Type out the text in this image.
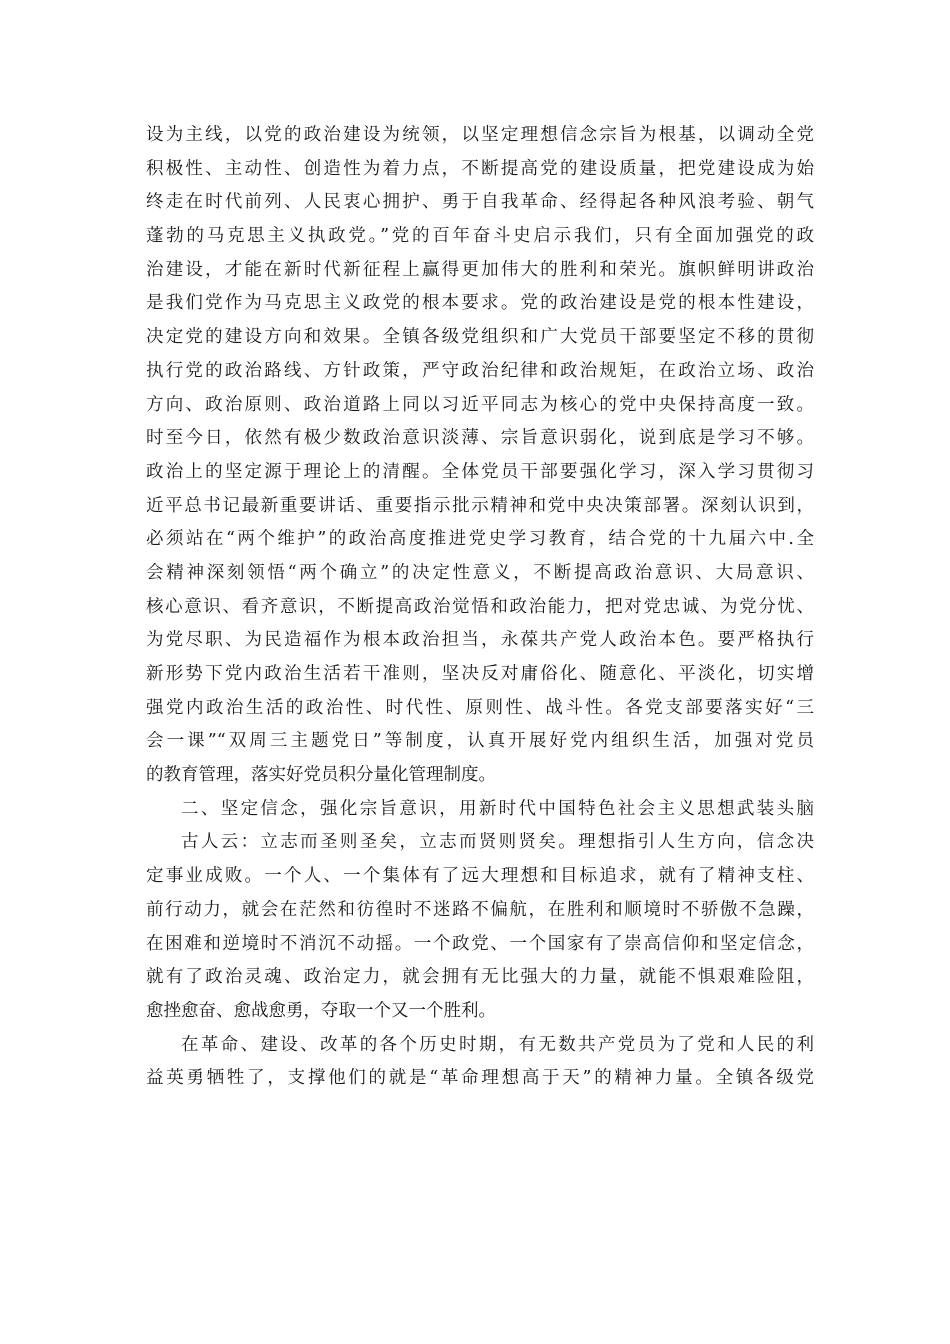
设为主线，以党的政治建设为统领，以坚定理想信念宗旨为根基，以调动全党
积极性、主动性、创造性为着力点，不断提高党的建设质量，把党建设成为始
终走在时代前列、人民衷心拥护、勇于自我革命、经得起各种风浪考验、朝气
蓬勃的马克思主义执政党。”党的百年奋斗史启示我们，只有全面加强党的政
治建设，才能在新时代新征程上赢得更加伟大的胜利和荣光。旗帜鲜明讲政治
是我们党作为马克思主义政党的根本要求。党的政治建设是党的根本性建设，
决定党的建设方向和效果。全镇各级党组织和广大党员干部要坚定不移的贯彻
执行党的政治路线、方针政策，严守政治纪律和政治规矩，在政治立场、政治
方向、政治原则、政治道路上同以习近平同志为核心的党中央保持高度一致。
时至今日，依然有极少数政治意识淡薄、宗旨意识弱化，说到底是学习不够。
政治上的坚定源于理论上的清醒。全体党员干部要强化学习，深入学习贯彻习
近平总书记最新重要讲话、重要指示批示精神和党中央决策部署。深刻认识到，
必须站在“两个维护”的政治高度推进党史学习教育，结合党的十九届六中.全
会精神深刻领悟“两个确立”的决定性意义，不断提高政治意识、大局意识、
核心意识、看齐意识，不断提高政治觉悟和政治能力，把对党忠诚、为党分忧、
为党尽职、为民造福作为根本政治担当，永葆共产党人政治本色。要严格执行
新形势下党内政治生活若干准则，坚决反对庸俗化、随意化、平淡化，切实增
强党内政治生活的政治性、时代性、原则性、战斗性。各党支部要落实好“三
会一课”“双周三主题党日”等制度，认真开展好党内组织生活，加强对党员
的教育管理，落实好党员积分量化管理制度。
二、坚定信念，强化宗旨意识，用新时代中国特色社会主义思想武装头脑
古人云：立志而圣则圣矣，立志而贤则贤矣。理想指引人生方向，信念决
定事业成败。一个人、一个集体有了远大理想和目标追求，就有了精神支柱、
前行动力，就会在茫然和彷徨时不迷路不偏航，在胜利和顺境时不骄傲不急躁，
在困难和逆境时不消沉不动摇。一个政党、一个国家有了崇高信仰和坚定信念，
就有了政治灵魂、政治定力，就会拥有无比强大的力量，就能不惧艰难险阻，
愈挫愈奋、愈战愈勇，夺取一个又一个胜利。
在革命、建设、改革的各个历史时期，有无数共产党员为了党和人民的利
益英勇牺牲了，支撑他们的就是“革命理想高于天”的精神力量。全镇各级党
